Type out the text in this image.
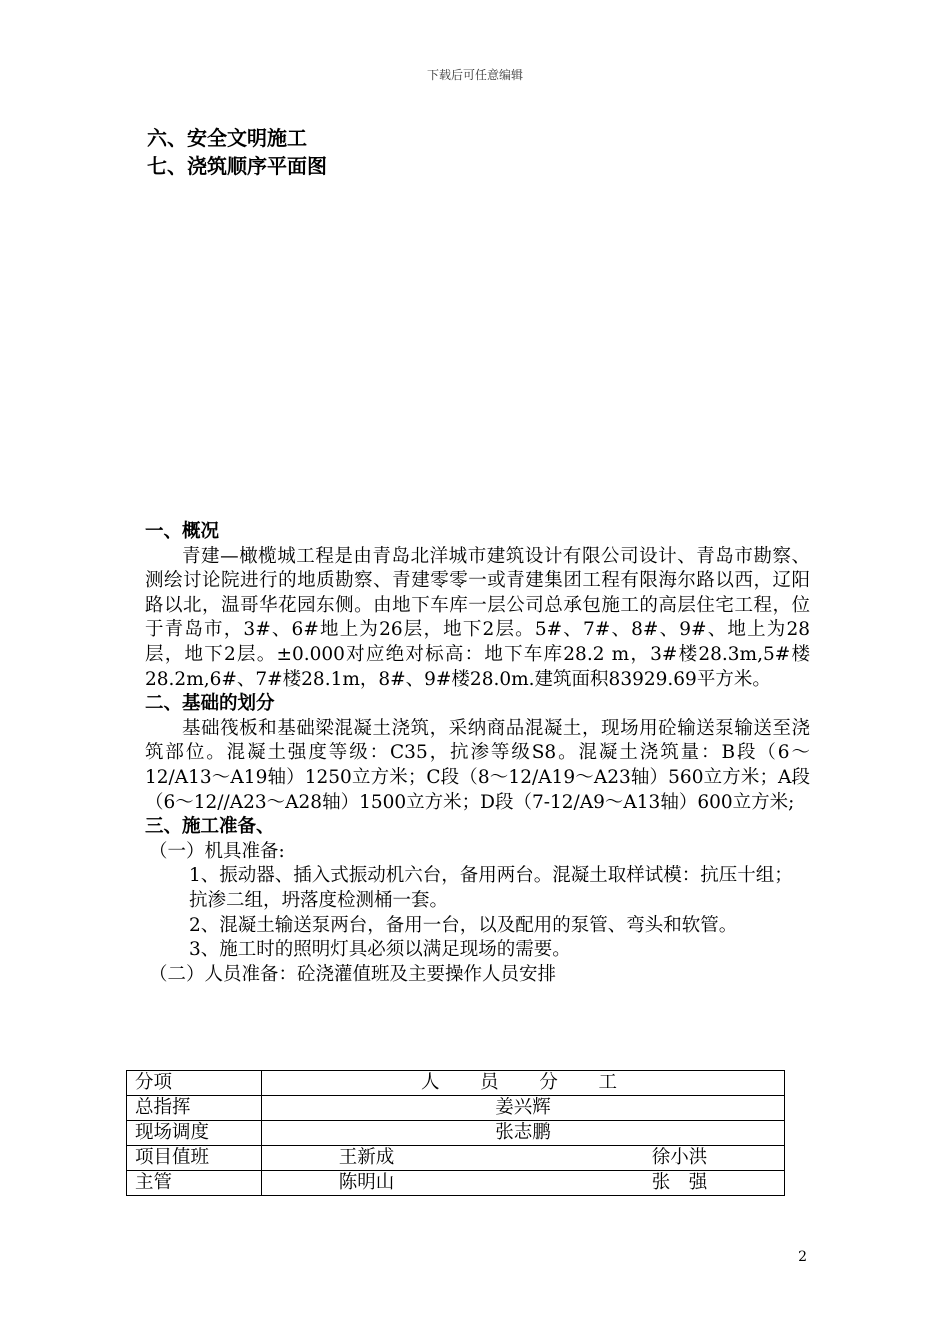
下载后可任意编辑
六、安全文明施工
七、浇筑顺序平面图
一、概况
青建—橄榄城工程是由青岛北洋城市建筑设计有限公司设计、青岛市勘察、测绘讨论院进行的地质勘察、青建零零一或青建集团工程有限海尔路以西，辽阳路以北，温哥华花园东侧。由地下车库一层公司总承包施工的高层住宅工程，位于青岛市，3#、6#地上为26层，地下2层。5#、7#、8#、9#、地上为28层，地下2层。±0.000对应绝对标高：地下车库28.2 m，3#楼28.3m,5#楼28.2m,6#、7#楼28.1m，8#、9#楼28.0m.建筑面积83929.69平方米。
二、基础的划分
基础筏板和基础梁混凝土浇筑，采纳商品混凝土，现场用砼输送泵输送至浇筑部位。混凝土强度等级：C35，抗渗等级S8。混凝土浇筑量：B段（6～12/A13～A19轴）1250立方米；C段（8～12/A19～A23轴）560立方米；A段（6～12//A23～A28轴）1500立方米；D段（7-12/A9～A13轴）600立方米;
三、施工准备、
（一）机具准备:
1、振动器、插入式振动机六台，备用两台。混凝土取样试模：抗压十组；抗渗二组，坍落度检测桶一套。
2、混凝土输送泵两台，备用一台，以及配用的泵管、弯头和软管。
3、施工时的照明灯具必须以满足现场的需要。
（二）人员准备：砼浇灌值班及主要操作人员安排
分项	人员分工
总指挥	姜兴辉
现场调度	张志鹏
项目值班	王新成 徐小洪

主管	陈明山 张　强
2
